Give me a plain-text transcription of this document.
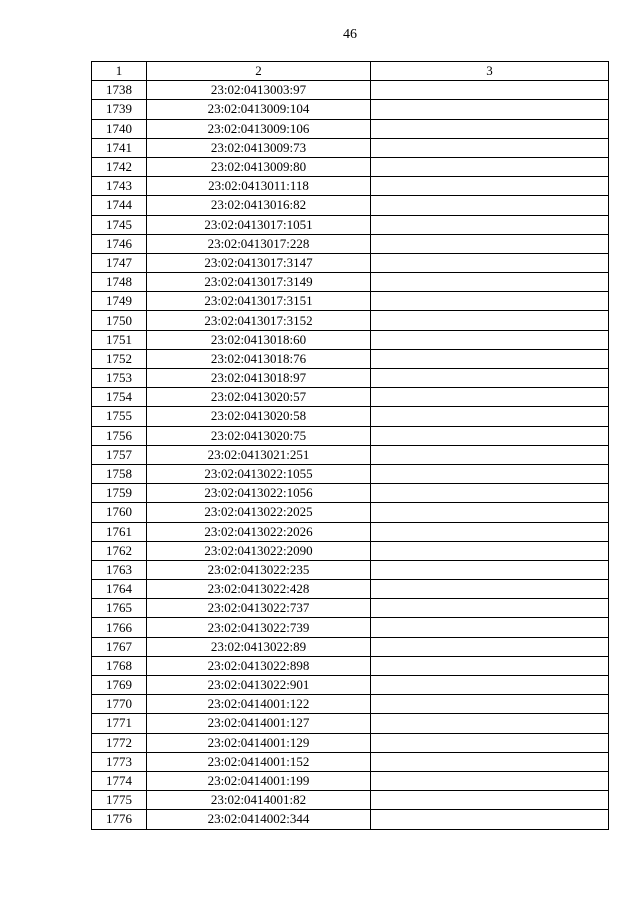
46
1	2	3
1738	23:02:0413003:97	
1739	23:02:0413009:104	
1740	23:02:0413009:106	
1741	23:02:0413009:73	
1742	23:02:0413009:80	
1743	23:02:0413011:118	
1744	23:02:0413016:82	
1745	23:02:0413017:1051	
1746	23:02:0413017:228	
1747	23:02:0413017:3147	
1748	23:02:0413017:3149	
1749	23:02:0413017:3151	
1750	23:02:0413017:3152	
1751	23:02:0413018:60	
1752	23:02:0413018:76	
1753	23:02:0413018:97	
1754	23:02:0413020:57	
1755	23:02:0413020:58	
1756	23:02:0413020:75	
1757	23:02:0413021:251	
1758	23:02:0413022:1055	
1759	23:02:0413022:1056	
1760	23:02:0413022:2025	
1761	23:02:0413022:2026	
1762	23:02:0413022:2090	
1763	23:02:0413022:235	
1764	23:02:0413022:428	
1765	23:02:0413022:737	
1766	23:02:0413022:739	
1767	23:02:0413022:89	
1768	23:02:0413022:898	
1769	23:02:0413022:901	
1770	23:02:0414001:122	
1771	23:02:0414001:127	
1772	23:02:0414001:129	
1773	23:02:0414001:152	
1774	23:02:0414001:199	
1775	23:02:0414001:82	
1776	23:02:0414002:344	
